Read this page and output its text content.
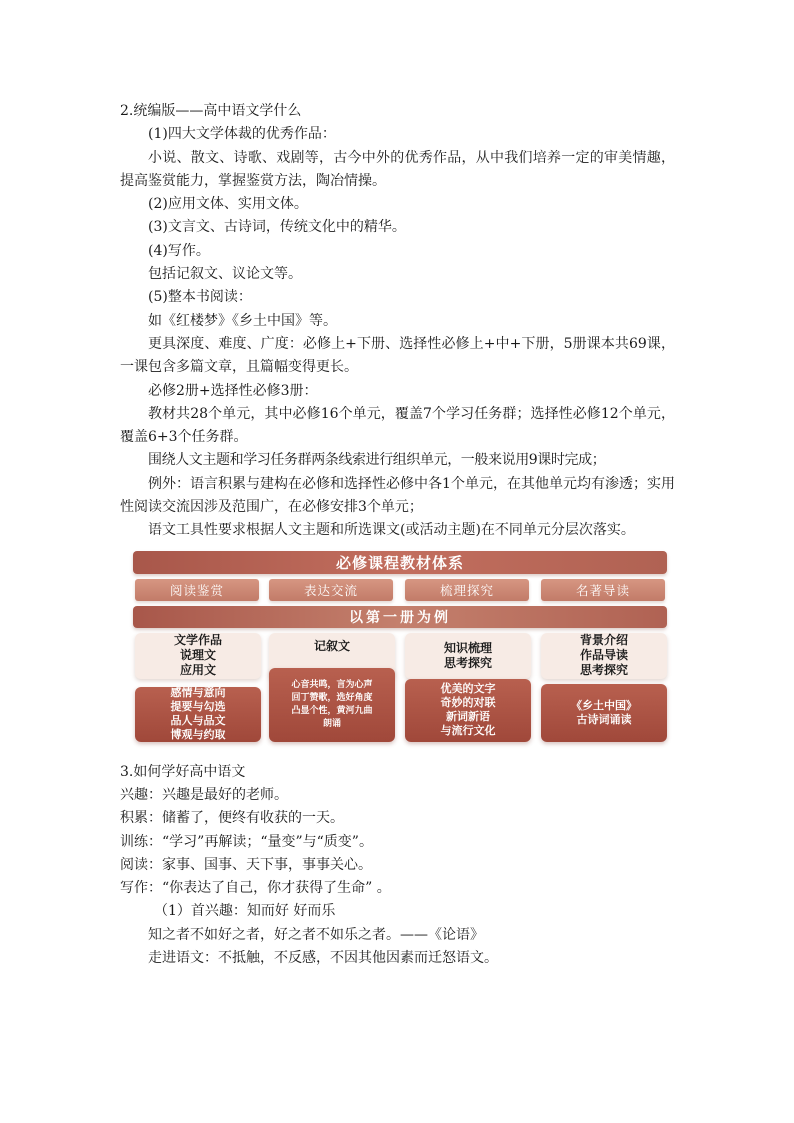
2.统编版——高中语文学什么
(1)四大文学体裁的优秀作品：
小说、散文、诗歌、戏剧等，古今中外的优秀作品，从中我们培养一定的审美情趣，提高鉴赏能力，掌握鉴赏方法，陶冶情操。
(2)应用文体、实用文体。
(3)文言文、古诗词，传统文化中的精华。
(4)写作。
包括记叙文、议论文等。
(5)整本书阅读：
如《红楼梦》《乡土中国》等。
更具深度、难度、广度：必修上+下册、选择性必修上+中+下册，5册课本共69课，一课包含多篇文章，且篇幅变得更长。
必修2册+选择性必修3册：
教材共28个单元，其中必修16个单元，覆盖7个学习任务群；选择性必修12个单元，覆盖6+3个任务群。
围绕人文主题和学习任务群两条线索进行组织单元，一般来说用9课时完成；
例外：语言积累与建构在必修和选择性必修中各1个单元，在其他单元均有渗透；实用性阅读交流因涉及范围广，在必修安排3个单元；
语文工具性要求根据人文主题和所选课文(或活动主题)在不同单元分层次落实。
必修课程教材体系
阅读鉴赏	表达交流	梳理探究	名著导读
以第一册为例
文学作品
说理文
应用文
记叙文	知识梳理
思考探究
背景介绍
作品导读
思考探究
感情与意向
提要与勾选
品人与品文
博观与约取
心音共鸣，言为心声
回丁赞歌，选好角度
凸显个性，黄河九曲
朗诵
优美的文字
奇妙的对联
新词新语
与流行文化
《乡土中国》
古诗词诵读
3.如何学好高中语文
兴趣：兴趣是最好的老师。
积累：储蓄了，便终有收获的一天。
训练：“学习”再解读；“量变”与“质变”。
阅读：家事、国事、天下事，事事关心。
写作：“你表达了自己，你才获得了生命” 。
（1）首兴趣：知而好 好而乐
知之者不如好之者，好之者不如乐之者。——《论语》
走进语文：不抵触，不反感，不因其他因素而迁怒语文。
